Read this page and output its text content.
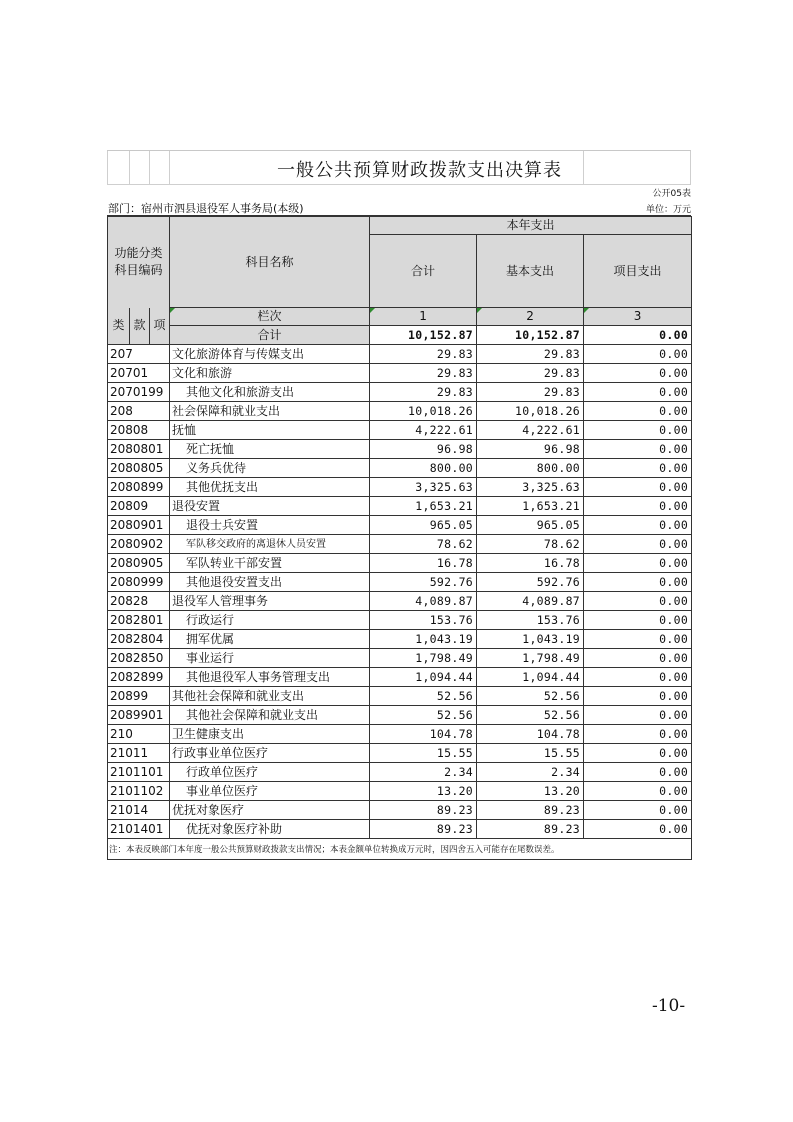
一般公共预算财政拨款支出决算表
公开05表
部门：宿州市泗县退役军人事务局(本级)	单位：万元
功能分类
科目编码			科目名称	本年支出		
				合计	基本支出	项目支出

类	款	项	栏次	1	2	3
			合计	10,152.87	10,152.87	0.00
207			文化旅游体育与传媒支出	29.83	29.83	0.00
20701			文化和旅游	29.83	29.83	0.00
2070199			其他文化和旅游支出	29.83	29.83	0.00
208			社会保障和就业支出	10,018.26	10,018.26	0.00
20808			抚恤	4,222.61	4,222.61	0.00
2080801			死亡抚恤	96.98	96.98	0.00
2080805			义务兵优待	800.00	800.00	0.00
2080899			其他优抚支出	3,325.63	3,325.63	0.00
20809			退役安置	1,653.21	1,653.21	0.00
2080901			退役士兵安置	965.05	965.05	0.00
2080902			军队移交政府的离退休人员安置	78.62	78.62	0.00
2080905			军队转业干部安置	16.78	16.78	0.00
2080999			其他退役安置支出	592.76	592.76	0.00
20828			退役军人管理事务	4,089.87	4,089.87	0.00
2082801			行政运行	153.76	153.76	0.00
2082804			拥军优属	1,043.19	1,043.19	0.00
2082850			事业运行	1,798.49	1,798.49	0.00
2082899			其他退役军人事务管理支出	1,094.44	1,094.44	0.00
20899			其他社会保障和就业支出	52.56	52.56	0.00
2089901			其他社会保障和就业支出	52.56	52.56	0.00
210			卫生健康支出	104.78	104.78	0.00
21011			行政事业单位医疗	15.55	15.55	0.00
2101101			行政单位医疗	2.34	2.34	0.00
2101102			事业单位医疗	13.20	13.20	0.00
21014			优抚对象医疗	89.23	89.23	0.00
2101401			优抚对象医疗补助	89.23	89.23	0.00
注：本表反映部门本年度一般公共预算财政拨款支出情况；本表金额单位转换成万元时，因四舍五入可能存在尾数误差。						
-10-
